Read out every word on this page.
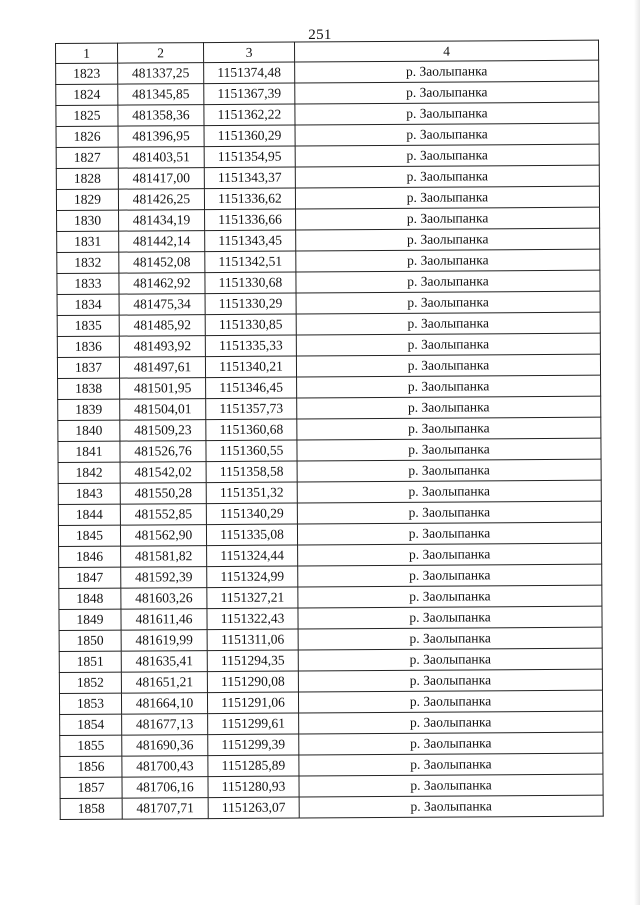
251
1	2	3	4
1823	481337,25	1151374,48	р. Заолыпанка
1824	481345,85	1151367,39	р. Заолыпанка
1825	481358,36	1151362,22	р. Заолыпанка
1826	481396,95	1151360,29	р. Заолыпанка
1827	481403,51	1151354,95	р. Заолыпанка
1828	481417,00	1151343,37	р. Заолыпанка
1829	481426,25	1151336,62	р. Заолыпанка
1830	481434,19	1151336,66	р. Заолыпанка
1831	481442,14	1151343,45	р. Заолыпанка
1832	481452,08	1151342,51	р. Заолыпанка
1833	481462,92	1151330,68	р. Заолыпанка
1834	481475,34	1151330,29	р. Заолыпанка
1835	481485,92	1151330,85	р. Заолыпанка
1836	481493,92	1151335,33	р. Заолыпанка
1837	481497,61	1151340,21	р. Заолыпанка
1838	481501,95	1151346,45	р. Заолыпанка
1839	481504,01	1151357,73	р. Заолыпанка
1840	481509,23	1151360,68	р. Заолыпанка
1841	481526,76	1151360,55	р. Заолыпанка
1842	481542,02	1151358,58	р. Заолыпанка
1843	481550,28	1151351,32	р. Заолыпанка
1844	481552,85	1151340,29	р. Заолыпанка
1845	481562,90	1151335,08	р. Заолыпанка
1846	481581,82	1151324,44	р. Заолыпанка
1847	481592,39	1151324,99	р. Заолыпанка
1848	481603,26	1151327,21	р. Заолыпанка
1849	481611,46	1151322,43	р. Заолыпанка
1850	481619,99	1151311,06	р. Заолыпанка
1851	481635,41	1151294,35	р. Заолыпанка
1852	481651,21	1151290,08	р. Заолыпанка
1853	481664,10	1151291,06	р. Заолыпанка
1854	481677,13	1151299,61	р. Заолыпанка
1855	481690,36	1151299,39	р. Заолыпанка
1856	481700,43	1151285,89	р. Заолыпанка
1857	481706,16	1151280,93	р. Заолыпанка
1858	481707,71	1151263,07	р. Заолыпанка
